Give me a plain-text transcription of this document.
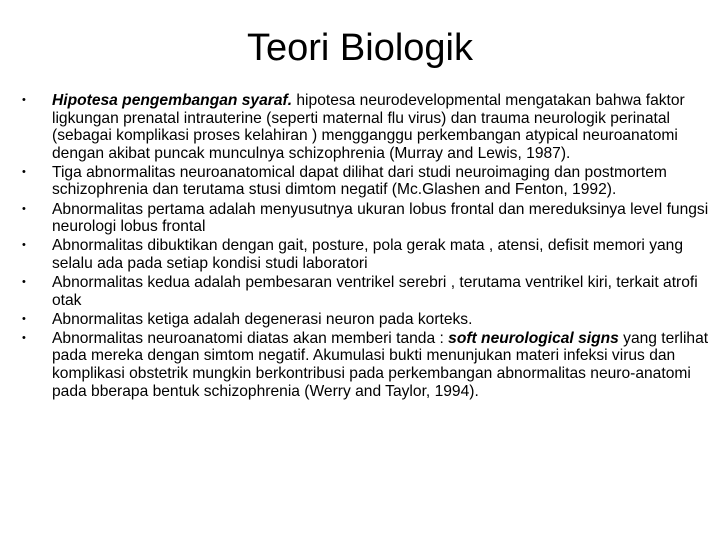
Teori Biologik
•	Hipotesa pengembangan syaraf. hipotesa neurodevelopmental mengatakan bahwa faktor ligkungan prenatal intrauterine (seperti maternal flu virus) dan trauma neurologik perinatal (sebagai komplikasi proses kelahiran ) mengganggu perkembangan atypical neuroanatomi dengan akibat puncak munculnya schizophrenia (Murray and Lewis, 1987).
•	Tiga abnormalitas neuroanatomical dapat dilihat dari studi neuroimaging dan postmortem schizophrenia dan terutama stusi dimtom negatif (Mc.Glashen and Fenton, 1992).
•	Abnormalitas pertama adalah menyusutnya ukuran lobus frontal dan mereduksinya level fungsi neurologi lobus frontal
•	Abnormalitas dibuktikan dengan gait, posture, pola gerak mata , atensi, defisit memori yang selalu ada pada setiap kondisi studi laboratori
•	Abnormalitas kedua adalah pembesaran ventrikel serebri , terutama ventrikel kiri, terkait atrofi otak
•	Abnormalitas ketiga adalah degenerasi neuron pada korteks.
•	Abnormalitas neuroanatomi diatas akan memberi tanda : soft neurological signs yang terlihat pada mereka dengan simtom negatif. Akumulasi bukti menunjukan materi infeksi virus dan komplikasi obstetrik mungkin berkontribusi pada perkembangan abnormalitas neuro-anatomi pada bberapa bentuk schizophrenia (Werry and Taylor, 1994).
